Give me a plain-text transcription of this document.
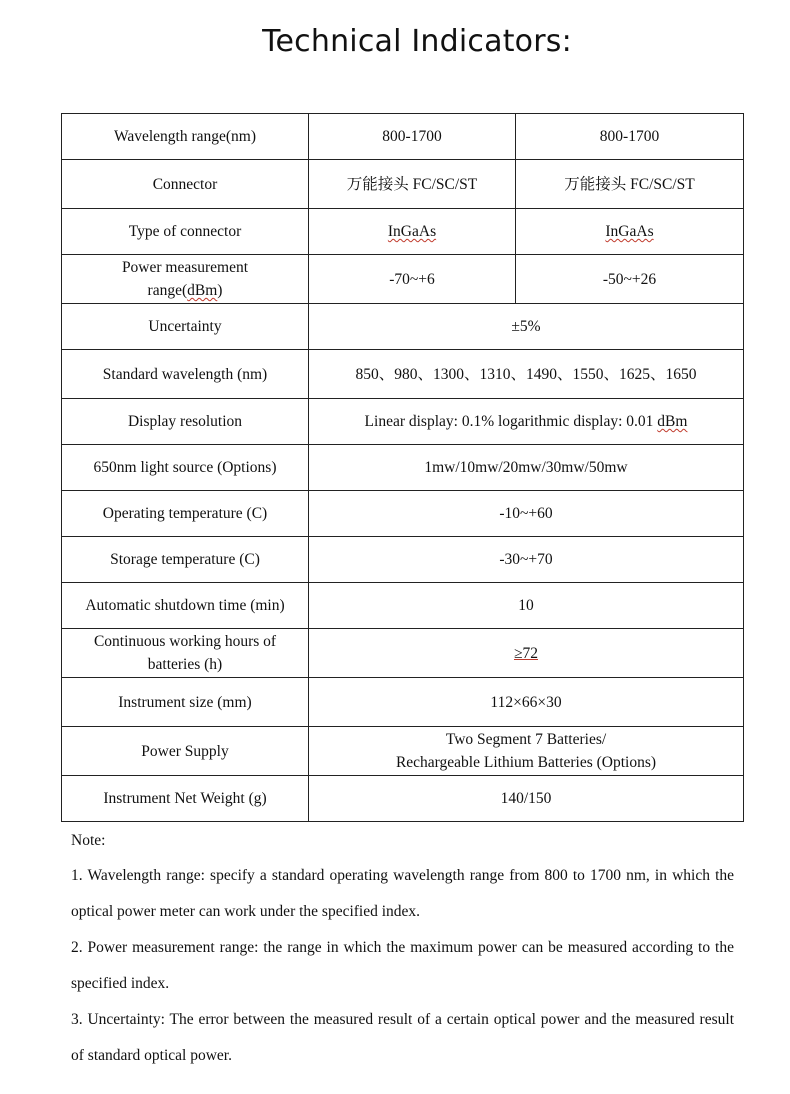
Technical Indicators:
Wavelength range(nm)	800-1700	800-1700
Connector	万能接头 FC/SC/ST	万能接头 FC/SC/ST
Type of connector	InGaAs	InGaAs

Power measurement
range(dBm)	-70~+6	-50~+26
Uncertainty	±5%	
Standard wavelength (nm)	850、980、1300、1310、1490、1550、1625、1650	
Display resolution	Linear display: 0.1% logarithmic display: 0.01 dBm	
650nm light source (Options)	1mw/10mw/20mw/30mw/50mw	
Operating temperature (C)	-10~+60	
Storage temperature (C)	-30~+70	
Automatic shutdown time (min)	10	

Continuous working hours of
batteries (h)	≥72	
Instrument size (mm)	112×66×30	
Power Supply	Two Segment 7 Batteries/
Rechargeable Lithium Batteries (Options)	

Instrument Net Weight (g)	140/150	

Note:

1. Wavelength range: specify a standard operating wavelength range from 800 to 1700 nm, in which the optical power meter can work under the specified index.

2. Power measurement range: the range in which the maximum power can be measured according to the specified index.

3. Uncertainty: The error between the measured result of a certain optical power and the measured result of standard optical power.
